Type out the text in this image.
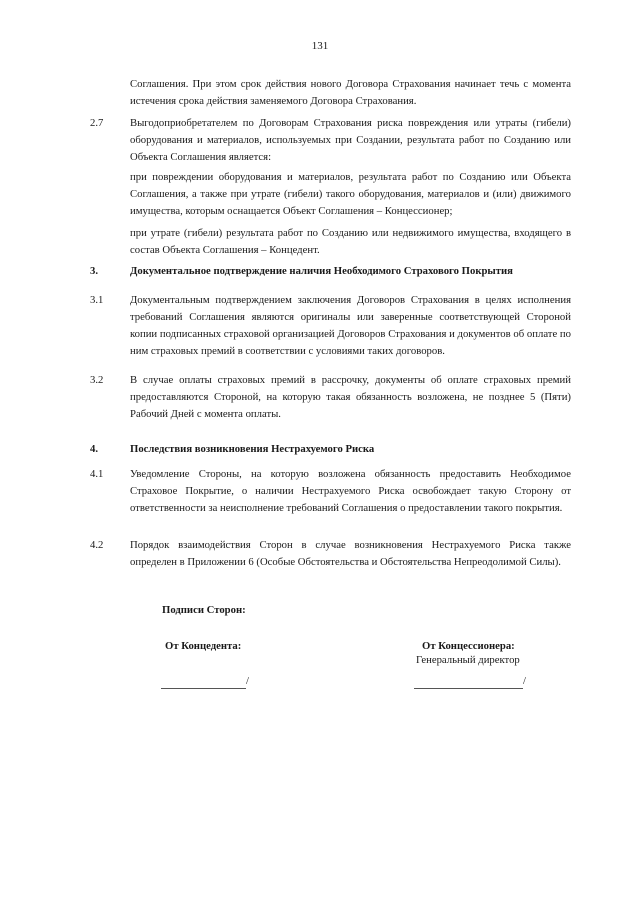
131
Соглашения. При этом срок действия нового Договора Страхования начинает течь с момента истечения срока действия заменяемого Договора Страхования.
2.7 Выгодоприобретателем по Договорам Страхования риска повреждения или утраты (гибели) оборудования и материалов, используемых при Создании, результата работ по Созданию или Объекта Соглашения является:
при повреждении оборудования и материалов, результата работ по Созданию или Объекта Соглашения, а также при утрате (гибели) такого оборудования, материалов и (или) движимого имущества, которым оснащается Объект Соглашения – Концессионер;
при утрате (гибели) результата работ по Созданию или недвижимого имущества, входящего в состав Объекта Соглашения – Концедент.
3.	Документальное подтверждение наличия Необходимого Страхового Покрытия
3.1 Документальным подтверждением заключения Договоров Страхования в целях исполнения требований Соглашения являются оригиналы или заверенные соответствующей Стороной копии подписанных страховой организацией Договоров Страхования и документов об оплате по ним страховых премий в соответствии с условиями таких договоров.
3.2 В случае оплаты страховых премий в рассрочку, документы об оплате страховых премий предоставляются Стороной, на которую такая обязанность возложена, не позднее 5 (Пяти) Рабочий Дней с момента оплаты.
4.	Последствия возникновения Нестрахуемого Риска
4.1 Уведомление Стороны, на которую возложена обязанность предоставить Необходимое Страховое Покрытие, о наличии Нестрахуемого Риска освобождает такую Сторону от ответственности за неисполнение требований Соглашения о предоставлении такого покрытия.
4.2 Порядок взаимодействия Сторон в случае возникновения Нестрахуемого Риска также определен в Приложении 6 (Особые Обстоятельства и Обстоятельства Непреодолимой Силы).
Подписи Сторон:
От Концедента:	От Концессионера:
Генеральный директор
/	/
